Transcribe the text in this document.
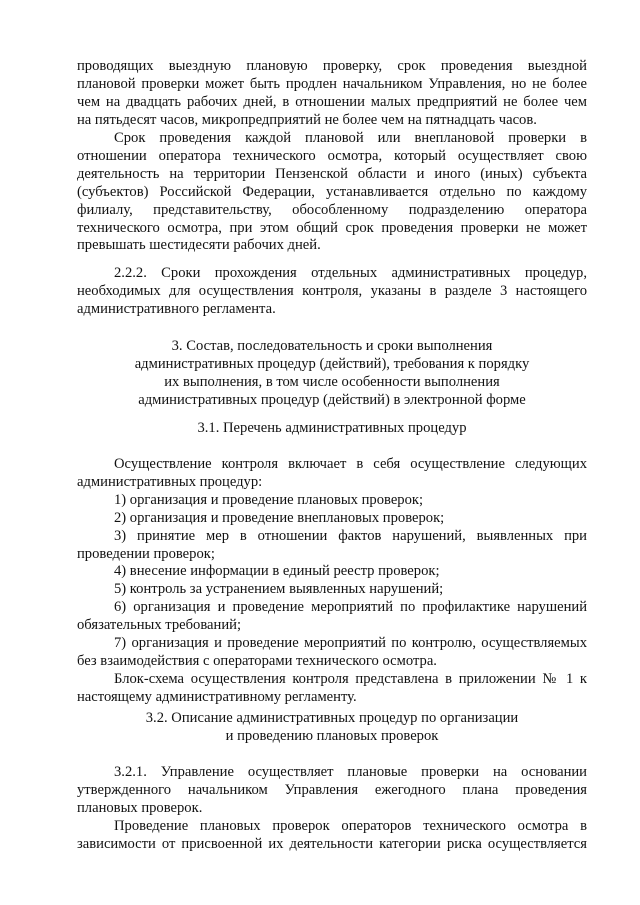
проводящих выездную плановую проверку, срок проведения выездной

плановой проверки может быть продлен начальником Управления, но не более

чем на двадцать рабочих дней, в отношении малых предприятий не более чем

на пятьдесят часов, микропредприятий не более чем на пятнадцать часов.

Срок проведения каждой плановой или внеплановой проверки в

отношении оператора технического осмотра, который осуществляет свою

деятельность на территории Пензенской области и иного (иных) субъекта

(субъектов) Российской Федерации, устанавливается отдельно по каждому

филиалу, представительству, обособленному подразделению оператора

технического осмотра, при этом общий срок проведения проверки не может

превышать шестидесяти рабочих дней.

2.2.2. Сроки прохождения отдельных административных процедур,

необходимых для осуществления контроля, указаны в разделе 3 настоящего

административного регламента.

3. Состав, последовательность и сроки выполнения

административных процедур (действий), требования к порядку

их выполнения, в том числе особенности выполнения

административных процедур (действий) в электронной форме

3.1. Перечень административных процедур

Осуществление контроля включает в себя осуществление следующих

административных процедур:

1) организация и проведение плановых проверок;

2) организация и проведение внеплановых проверок;

3) принятие мер в отношении фактов нарушений, выявленных при

проведении проверок;

4) внесение информации в единый реестр проверок;

5) контроль за устранением выявленных нарушений;

6) организация и проведение мероприятий по профилактике нарушений

обязательных требований;

7) организация и проведение мероприятий по контролю, осуществляемых

без взаимодействия с операторами технического осмотра.

Блок-схема осуществления контроля представлена в приложении № 1 к

настоящему административному регламенту.

3.2. Описание административных процедур по организации

и проведению плановых проверок

3.2.1. Управление осуществляет плановые проверки на основании

утвержденного начальником Управления ежегодного плана проведения

плановых проверок.

Проведение плановых проверок операторов технического осмотра в

зависимости от присвоенной их деятельности категории риска осуществляется
